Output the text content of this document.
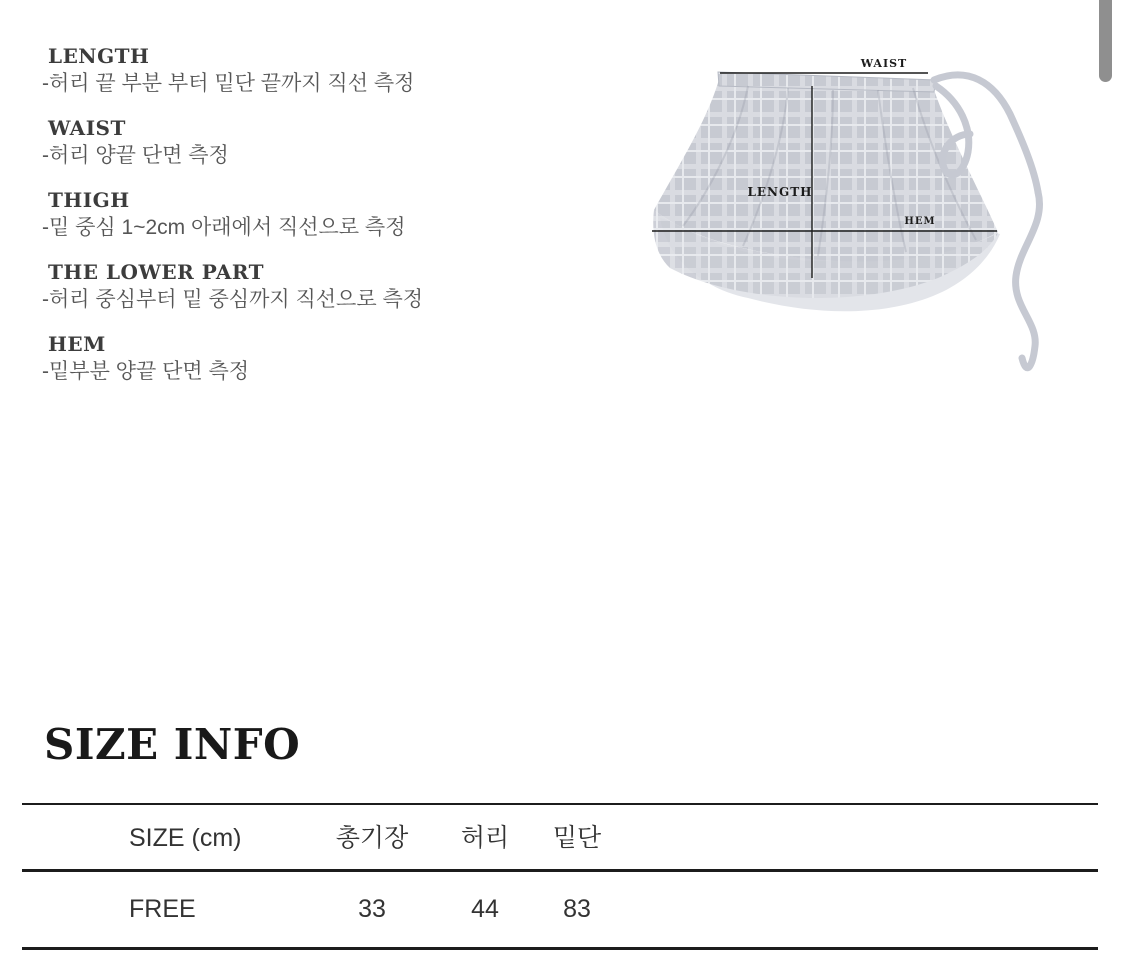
LENGTH
-허리 끝 부분 부터 밑단 끝까지 직선 측정
WAIST
-허리 양끝 단면 측정
THIGH
-밑 중심 1~2cm 아래에서 직선으로 측정
THE LOWER PART
-허리 중심부터 밑 중심까지 직선으로 측정
HEM
-밑부분 양끝 단면 측정
WAIST
LENGTH
HEM
SIZE INFO
SIZE (cm)	총기장	허리	밑단
FREE	33	44	83
